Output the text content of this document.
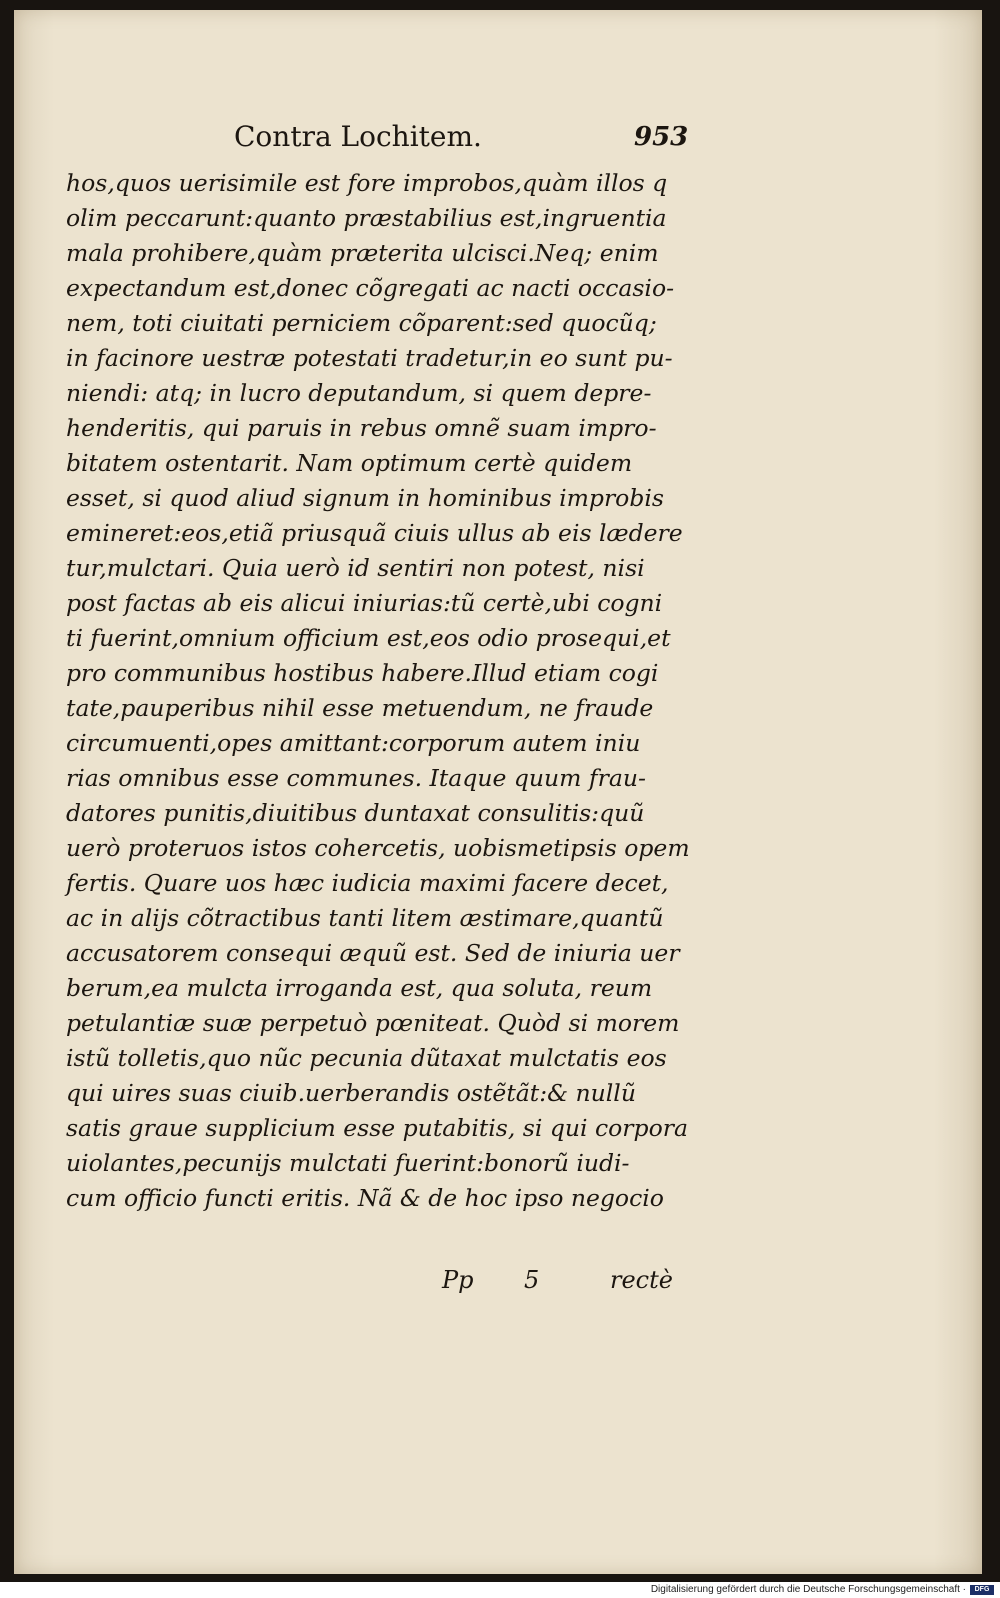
Contra Lochitem.	953
hos,quos uerisimile est fore improbos,quàm illos q
olim peccarunt:quanto præstabilius est,ingruentia
mala prohibere,quàm præterita ulcisci.Neq; enim
expectandum est,donec cõgregati ac nacti occasio-
nem, toti ciuitati perniciem cõparent:sed quocũq;
in facinore uestræ potestati tradetur,in eo sunt pu-
niendi: atq; in lucro deputandum, si quem depre-
henderitis, qui paruis in rebus omnẽ suam impro-
bitatem ostentarit. Nam optimum certè quidem
esset, si quod aliud signum in hominibus improbis
emineret:eos,etiã priusquã ciuis ullus ab eis lædere
tur,mulctari. Quia uerò id sentiri non potest, nisi
post factas ab eis alicui iniurias:tũ certè,ubi cogni
ti fuerint,omnium officium est,eos odio prosequi,et
pro communibus hostibus habere.Illud etiam cogi
tate,pauperibus nihil esse metuendum, ne fraude
circumuenti,opes amittant:corporum autem iniu
rias omnibus esse communes. Itaque quum frau-
datores punitis,diuitibus duntaxat consulitis:quũ
uerò proteruos istos cohercetis, uobismetipsis opem
fertis. Quare uos hæc iudicia maximi facere decet,
ac in alijs cõtractibus tanti litem æstimare,quantũ
accusatorem consequi æquũ est. Sed de iniuria uer
berum,ea mulcta irroganda est, qua soluta, reum
petulantiæ suæ perpetuò pœniteat. Quòd si morem
istũ tolletis,quo nũc pecunia dũtaxat mulctatis eos
qui uires suas ciuib.uerberandis ostẽtãt:& nullũ
satis graue supplicium esse putabitis, si qui corpora
uiolantes,pecunijs mulctati fuerint:bonorũ iudi-
cum officio functi eritis. Nã & de hoc ipso negocio
Pp 5	rectè
Digitalisierung gefördert durch die Deutsche Forschungsgemeinschaft ·	DFG
